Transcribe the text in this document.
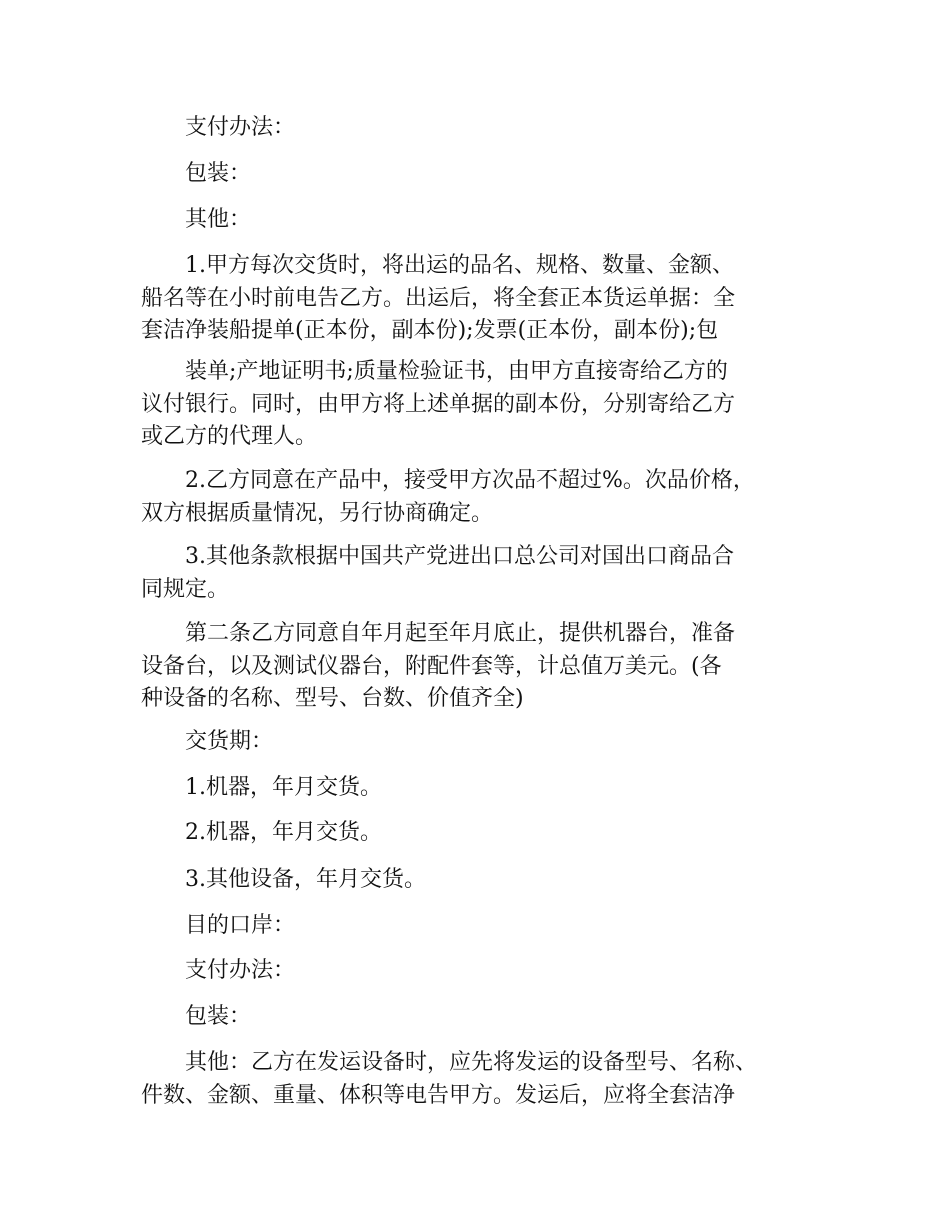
支付办法：
包装：
其他：
1.甲方每次交货时，将出运的品名、规格、数量、金额、
船名等在小时前电告乙方。出运后，将全套正本货运单据：全
套洁净装船提单(正本份，副本份);发票(正本份，副本份);包
装单;产地证明书;质量检验证书，由甲方直接寄给乙方的
议付银行。同时，由甲方将上述单据的副本份，分别寄给乙方
或乙方的代理人。
2.乙方同意在产品中，接受甲方次品不超过%。次品价格，
双方根据质量情况，另行协商确定。
3.其他条款根据中国共产党进出口总公司对国出口商品合
同规定。
第二条乙方同意自年月起至年月底止，提供机器台，准备
设备台，以及测试仪器台，附配件套等，计总值万美元。(各
种设备的名称、型号、台数、价值齐全)
交货期：
1.机器，年月交货。
2.机器，年月交货。
3.其他设备，年月交货。
目的口岸：
支付办法：
包装：
其他：乙方在发运设备时，应先将发运的设备型号、名称、
件数、金额、重量、体积等电告甲方。发运后，应将全套洁净
